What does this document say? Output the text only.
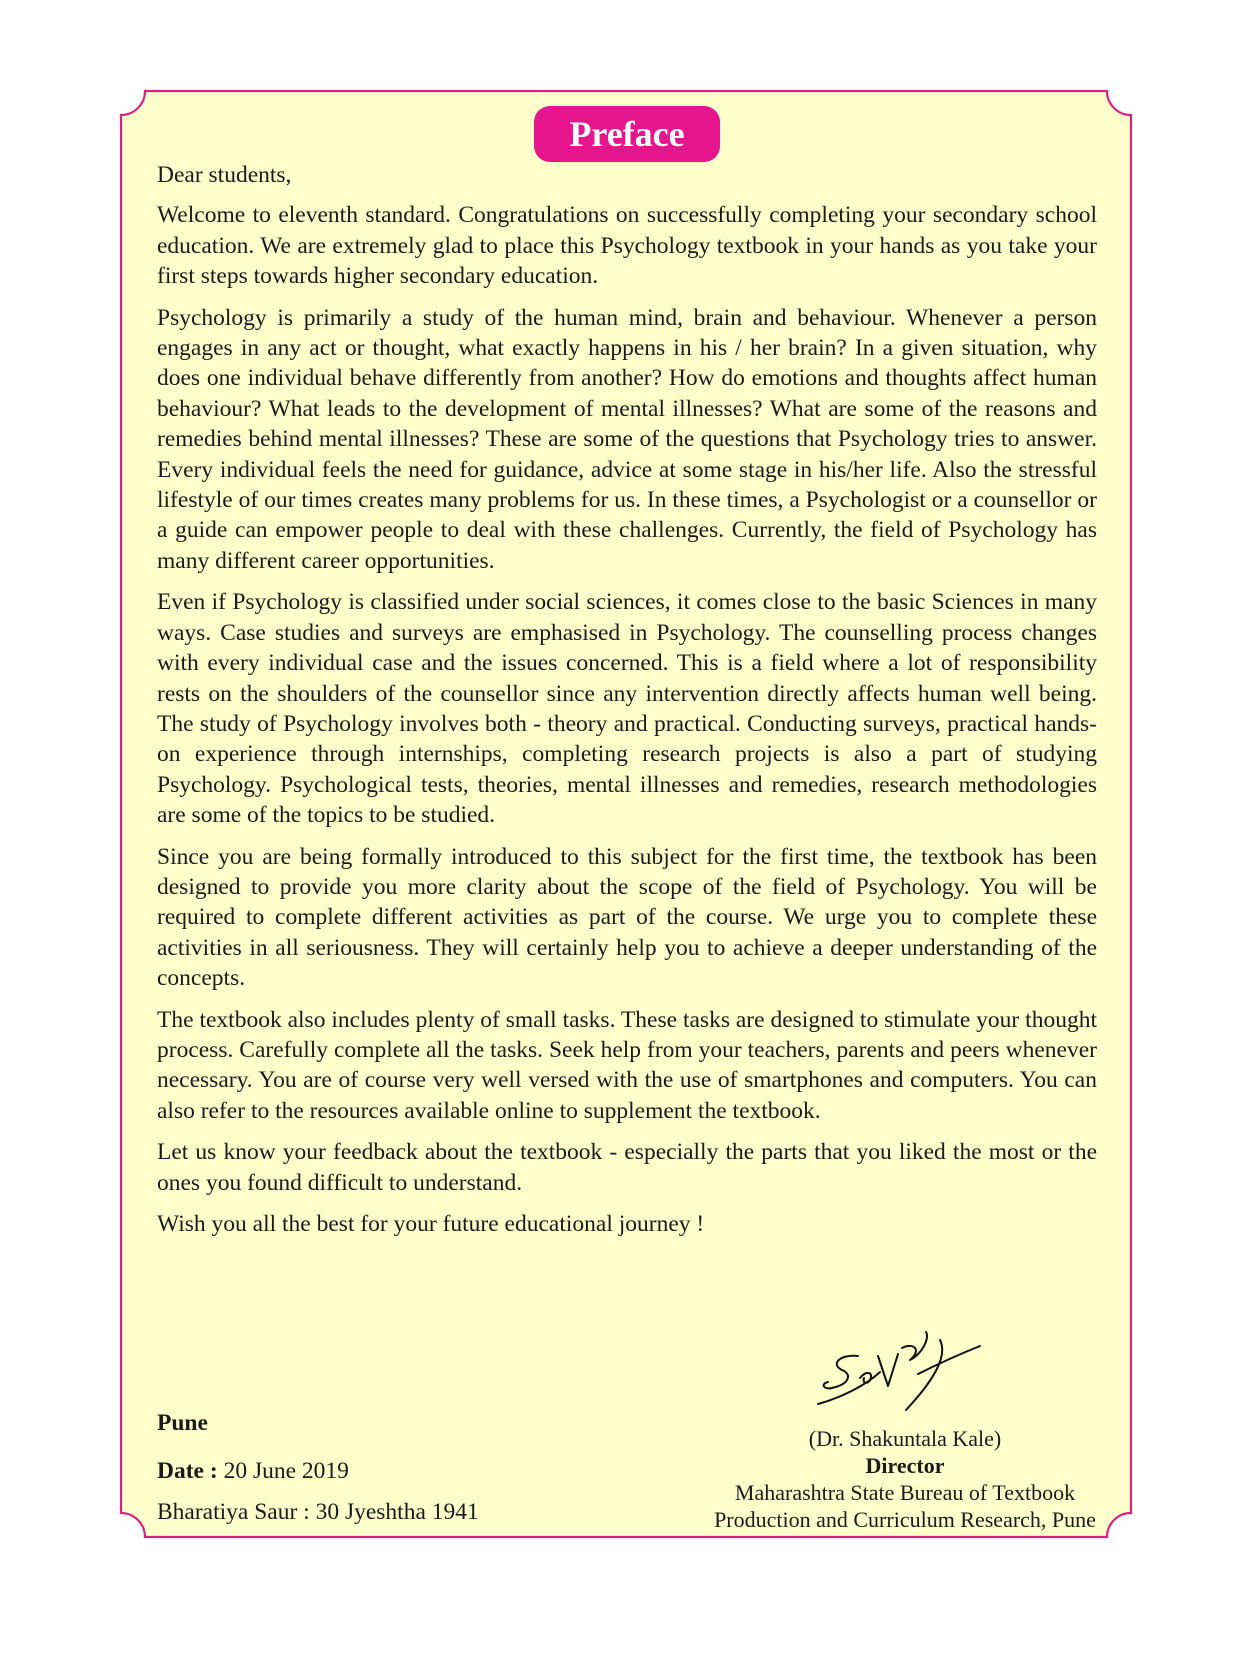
Preface

Dear students,

Welcome to eleventh standard. Congratulations on successfully completing your secondary school education. We are extremely glad to place this Psychology textbook in your hands as you take your first steps towards higher secondary education.

Psychology is primarily a study of the human mind, brain and behaviour. Whenever a person engages in any act or thought, what exactly happens in his / her brain? In a given situation, why does one individual behave differently from another? How do emotions and thoughts affect human behaviour? What leads to the development of mental illnesses? What are some of the reasons and remedies behind mental illnesses? These are some of the questions that Psychology tries to answer. Every individual feels the need for guidance, advice at some stage in his/her life. Also the stressful lifestyle of our times creates many problems for us. In these times, a Psychologist or a counsellor or a guide can empower people to deal with these challenges. Currently, the field of Psychology has many different career opportunities.

Even if Psychology is classified under social sciences, it comes close to the basic Sciences in many ways. Case studies and surveys are emphasised in Psychology. The counselling process changes with every individual case and the issues concerned. This is a field where a lot of responsibility rests on the shoulders of the counsellor since any intervention directly affects human well being. The study of Psychology involves both - theory and practical. Conducting surveys, practical hands-on experience through internships, completing research projects is also a part of studying Psychology. Psychological tests, theories, mental illnesses and remedies, research methodologies are some of the topics to be studied.

Since you are being formally introduced to this subject for the first time, the textbook has been designed to provide you more clarity about the scope of the field of Psychology. You will be required to complete different activities as part of the course. We urge you to complete these activities in all seriousness. They will certainly help you to achieve a deeper understanding of the concepts.

The textbook also includes plenty of small tasks. These tasks are designed to stimulate your thought process. Carefully complete all the tasks. Seek help from your teachers, parents and peers whenever necessary. You are of course very well versed with the use of smartphones and computers. You can also refer to the resources available online to supplement the textbook.

Let us know your feedback about the textbook - especially the parts that you liked the most or the ones you found difficult to understand.

Wish you all the best for your future educational journey !

Pune
Date : 20 June 2019
Bharatiya Saur : 30 Jyeshtha 1941
(Dr. Shakuntala Kale)
Director
Maharashtra State Bureau of Textbook
Production and Curriculum Research, Pune
